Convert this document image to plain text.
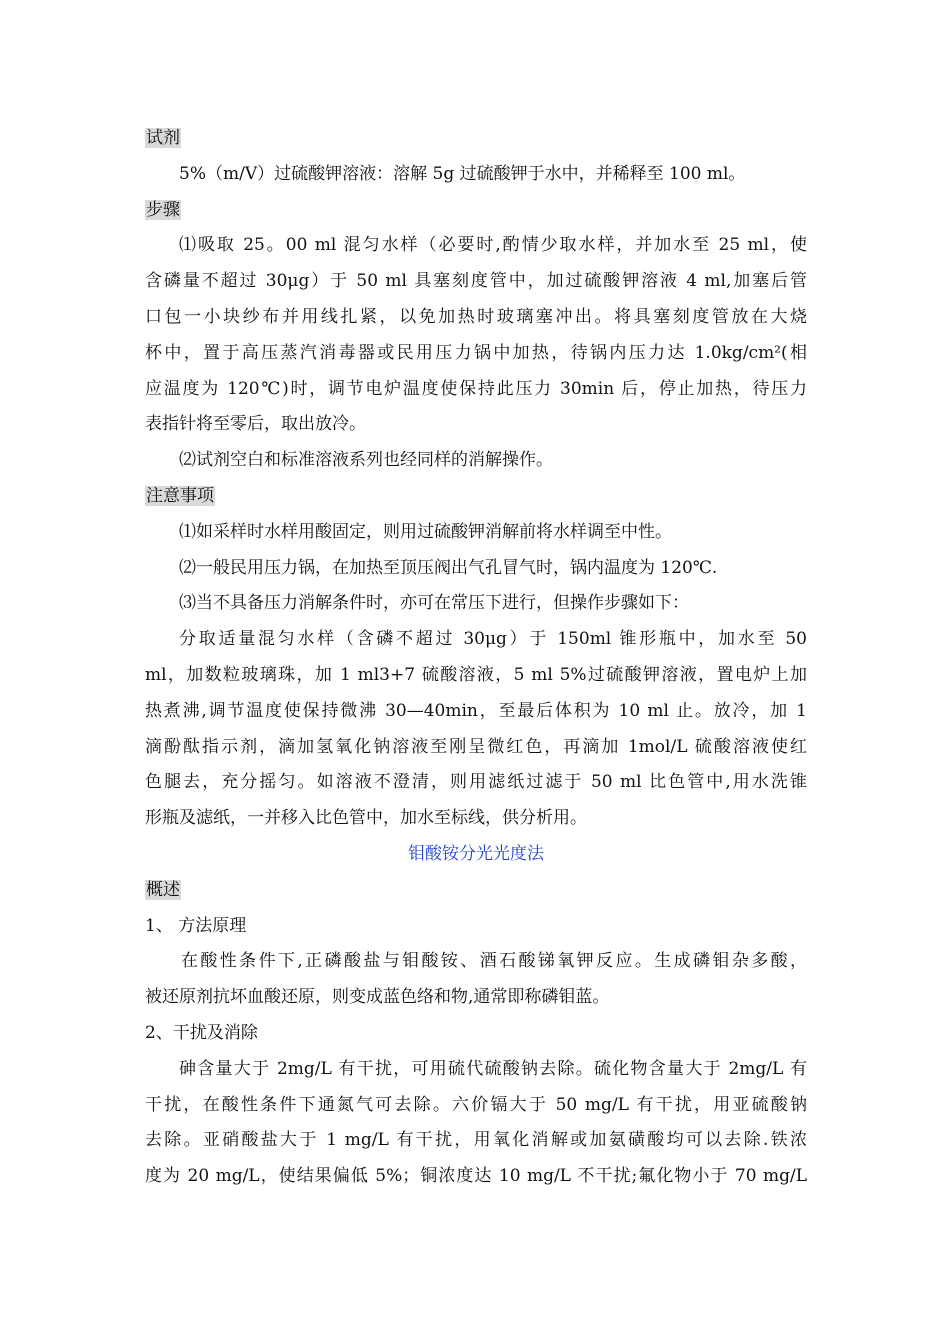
试剂
5%（m/V）过硫酸钾溶液：溶解 5g 过硫酸钾于水中，并稀释至 100 ml。
步骤
⑴吸取 25。00 ml 混匀水样（必要时,酌情少取水样，并加水至 25 ml，使
含磷量不超过 30μg）于 50 ml 具塞刻度管中，加过硫酸钾溶液 4 ml,加塞后管
口包一小块纱布并用线扎紧，以免加热时玻璃塞冲出。将具塞刻度管放在大烧
杯中，置于高压蒸汽消毒器或民用压力锅中加热，待锅内压力达 1.0kg/cm²(相
应温度为 120℃)时，调节电炉温度使保持此压力 30min 后，停止加热，待压力
表指针将至零后，取出放冷。
⑵试剂空白和标准溶液系列也经同样的消解操作。
注意事项
⑴如采样时水样用酸固定，则用过硫酸钾消解前将水样调至中性。
⑵一般民用压力锅，在加热至顶压阀出气孔冒气时，锅内温度为 120℃.
⑶当不具备压力消解条件时，亦可在常压下进行，但操作步骤如下：
分取适量混匀水样（含磷不超过 30μg）于 150ml 锥形瓶中，加水至 50
ml，加数粒玻璃珠，加 1 ml3+7 硫酸溶液，5 ml 5%过硫酸钾溶液，置电炉上加
热煮沸,调节温度使保持微沸 30—40min，至最后体积为 10 ml 止。放冷，加 1
滴酚酞指示剂，滴加氢氧化钠溶液至刚呈微红色，再滴加 1mol/L 硫酸溶液使红
色腿去，充分摇匀。如溶液不澄清，则用滤纸过滤于 50 ml 比色管中,用水洗锥
形瓶及滤纸，一并移入比色管中，加水至标线，供分析用。
钼酸铵分光光度法
概述
1、 方法原理
在酸性条件下,正磷酸盐与钼酸铵、酒石酸锑氧钾反应。生成磷钼杂多酸，
被还原剂抗坏血酸还原，则变成蓝色络和物,通常即称磷钼蓝。
2、干扰及消除
砷含量大于 2mg/L 有干扰，可用硫代硫酸钠去除。硫化物含量大于 2mg/L 有
干扰，在酸性条件下通氮气可去除。六价镉大于 50 mg/L 有干扰，用亚硫酸钠
去除。亚硝酸盐大于 1 mg/L 有干扰，用氧化消解或加氨磺酸均可以去除.铁浓
度为 20 mg/L，使结果偏低 5%；铜浓度达 10 mg/L 不干扰;氟化物小于 70 mg/L
